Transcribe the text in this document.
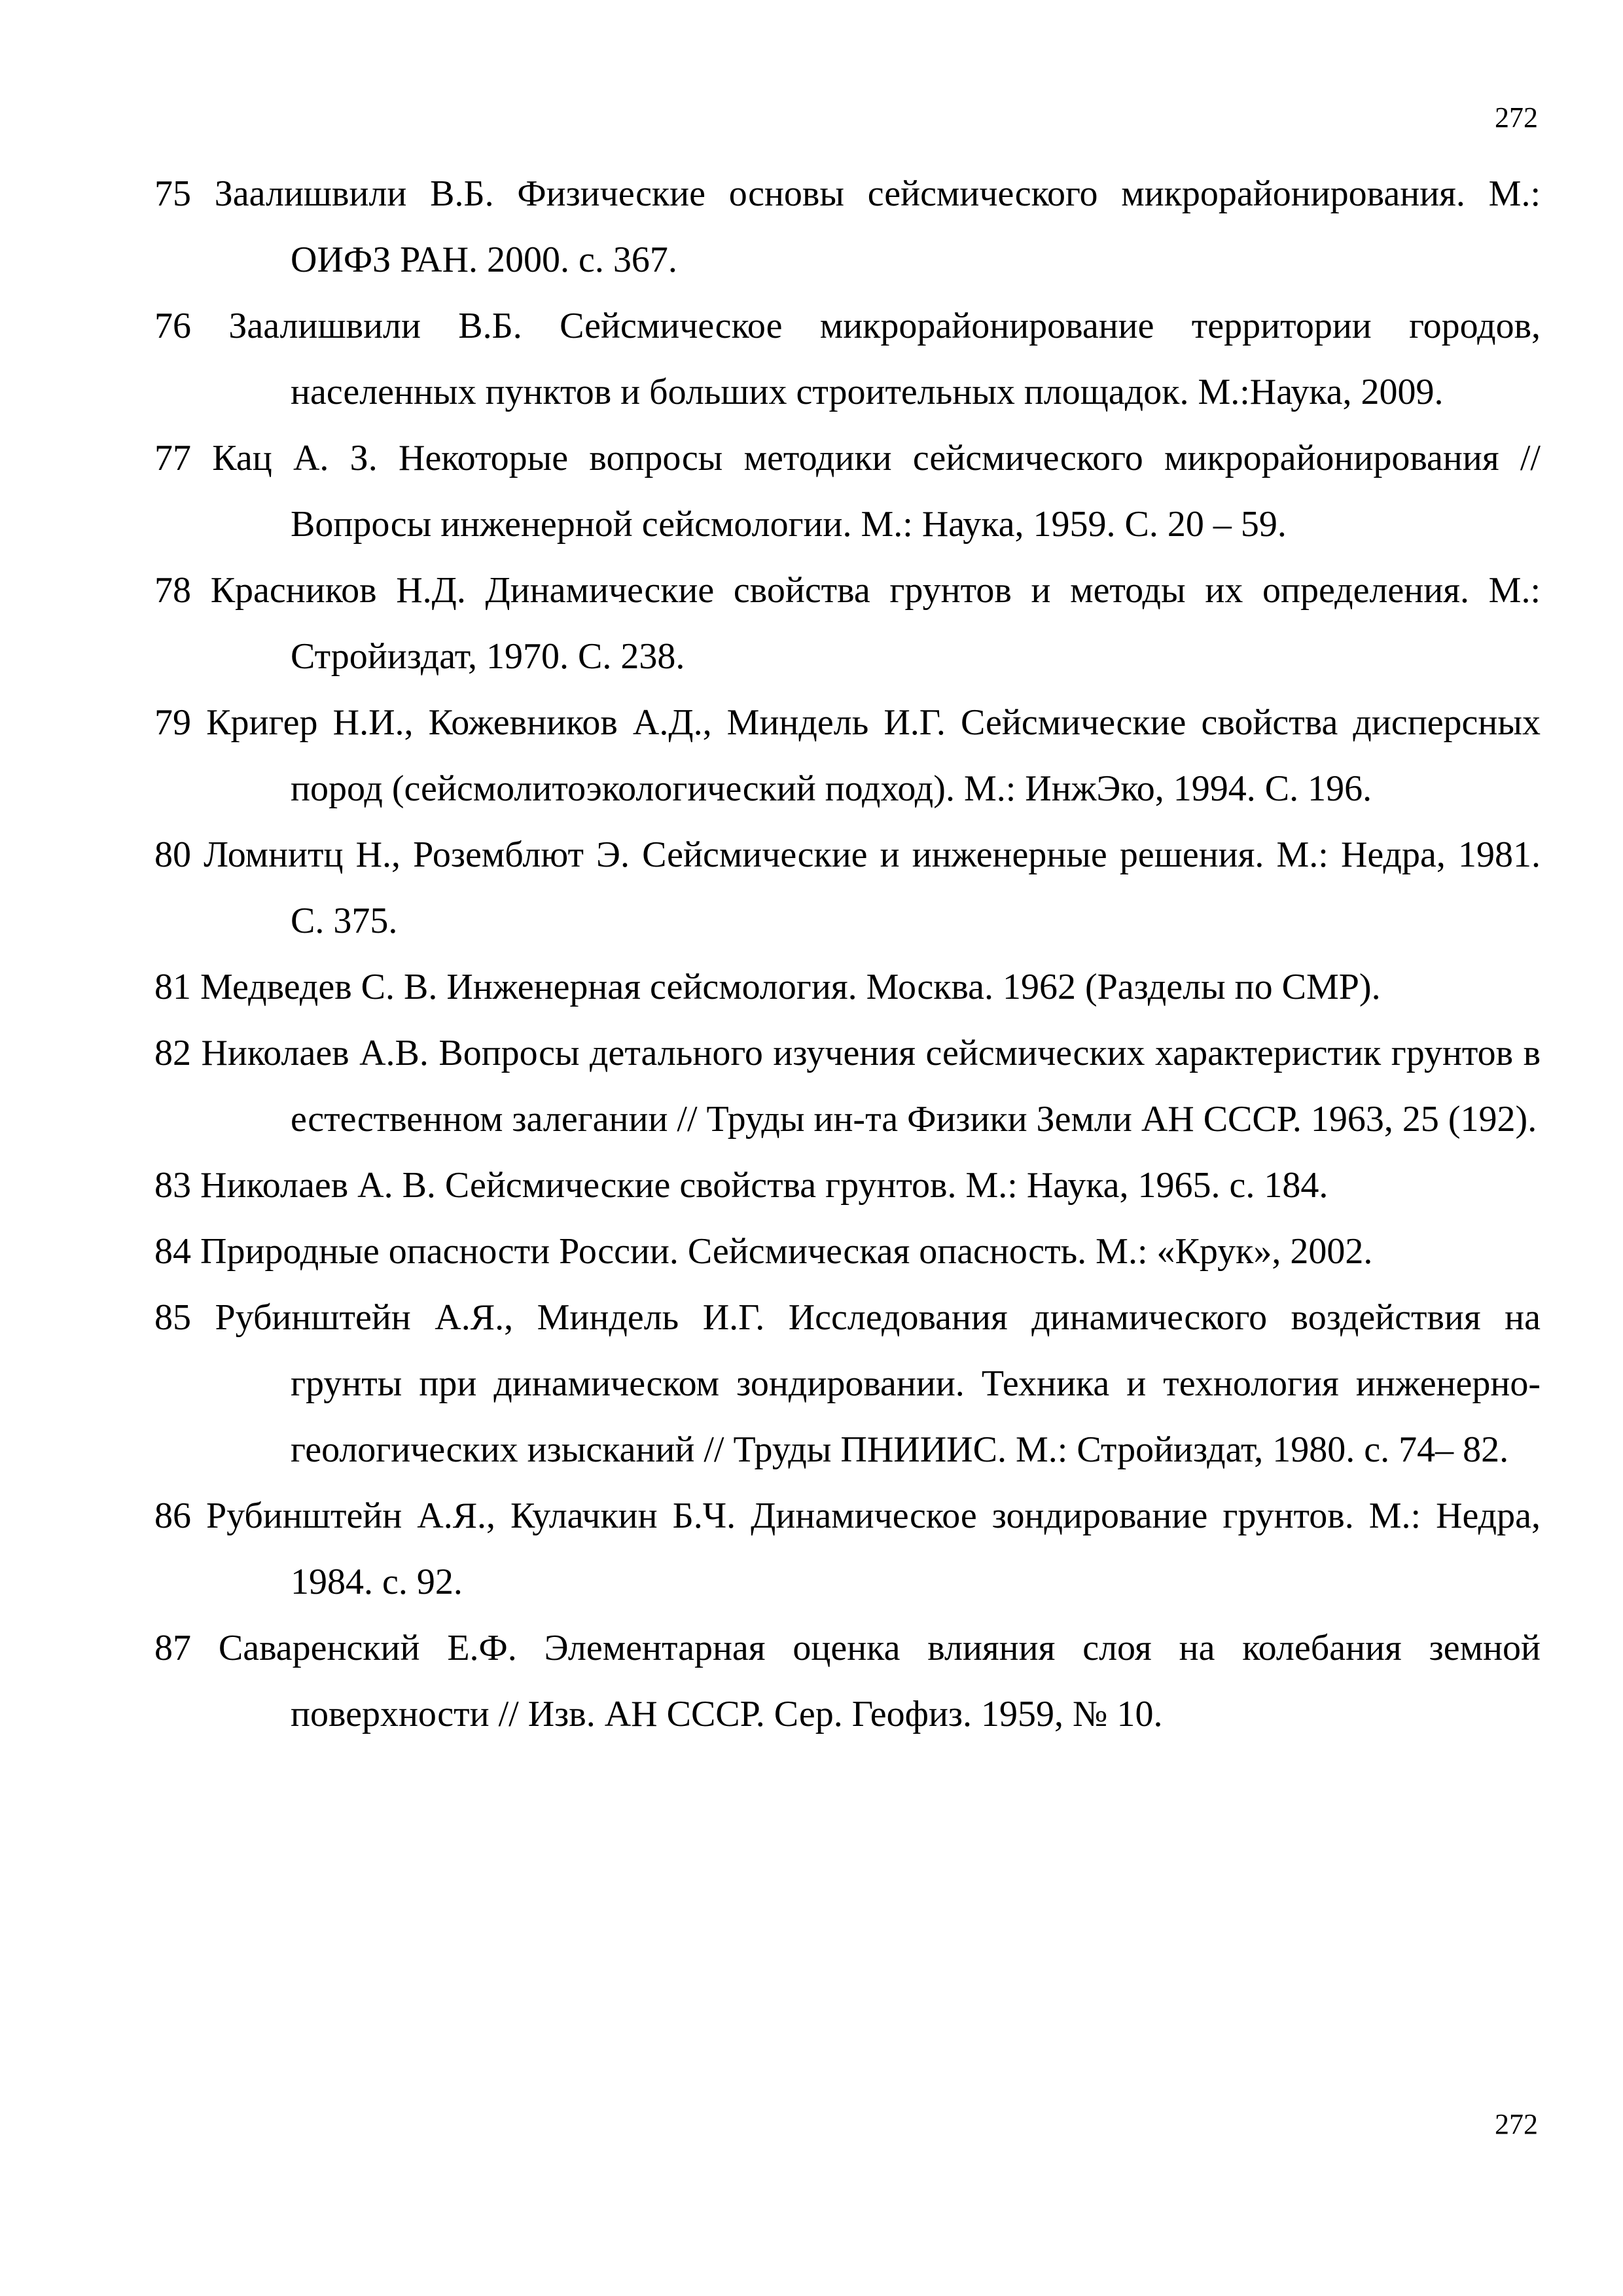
272

75 Заалишвили В.Б. Физические основы сейсмического микрорайонирования. М.: ОИФЗ РАН. 2000. с. 367.

76 Заалишвили В.Б. Сейсмическое микрорайонирование территории городов, населенных пунктов и больших строительных площадок. М.:Наука, 2009.

77 Кац А. З. Некоторые вопросы методики сейсмического микрорайонирования // Вопросы инженерной сейсмологии. М.: Наука, 1959. С. 20 – 59.

78 Красников Н.Д. Динамические свойства грунтов и методы их определения. М.: Стройиздат, 1970. С. 238.

79 Кригер Н.И., Кожевников А.Д., Миндель И.Г. Сейсмические свойства дисперсных пород (сейсмолитоэкологический подход). М.: ИнжЭко, 1994. С. 196.

80 Ломнитц Н., Роземблют Э. Сейсмические и инженерные решения. М.: Недра, 1981. С. 375.

81 Медведев С. В. Инженерная сейсмология. Москва. 1962 (Разделы по СМР).

82 Николаев А.В. Вопросы детального изучения сейсмических характеристик грунтов в естественном залегании // Труды ин-та Физики Земли АН СССР. 1963, 25 (192).

83 Николаев А. В. Сейсмические свойства грунтов. М.: Наука, 1965. с. 184.

84 Природные опасности России. Сейсмическая опасность. М.: «Крук», 2002.

85 Рубинштейн А.Я., Миндель И.Г. Исследования динамического воздействия на грунты при динамическом зондировании. Техника и технология инженерно-геологических изысканий // Труды ПНИИИС. М.: Стройиздат, 1980. с. 74– 82.

86 Рубинштейн А.Я., Кулачкин Б.Ч. Динамическое зондирование грунтов. М.: Недра, 1984. с. 92.

87 Саваренский Е.Ф. Элементарная оценка влияния слоя на колебания земной поверхности // Изв. АН СССР. Сер. Геофиз. 1959, № 10.

272
